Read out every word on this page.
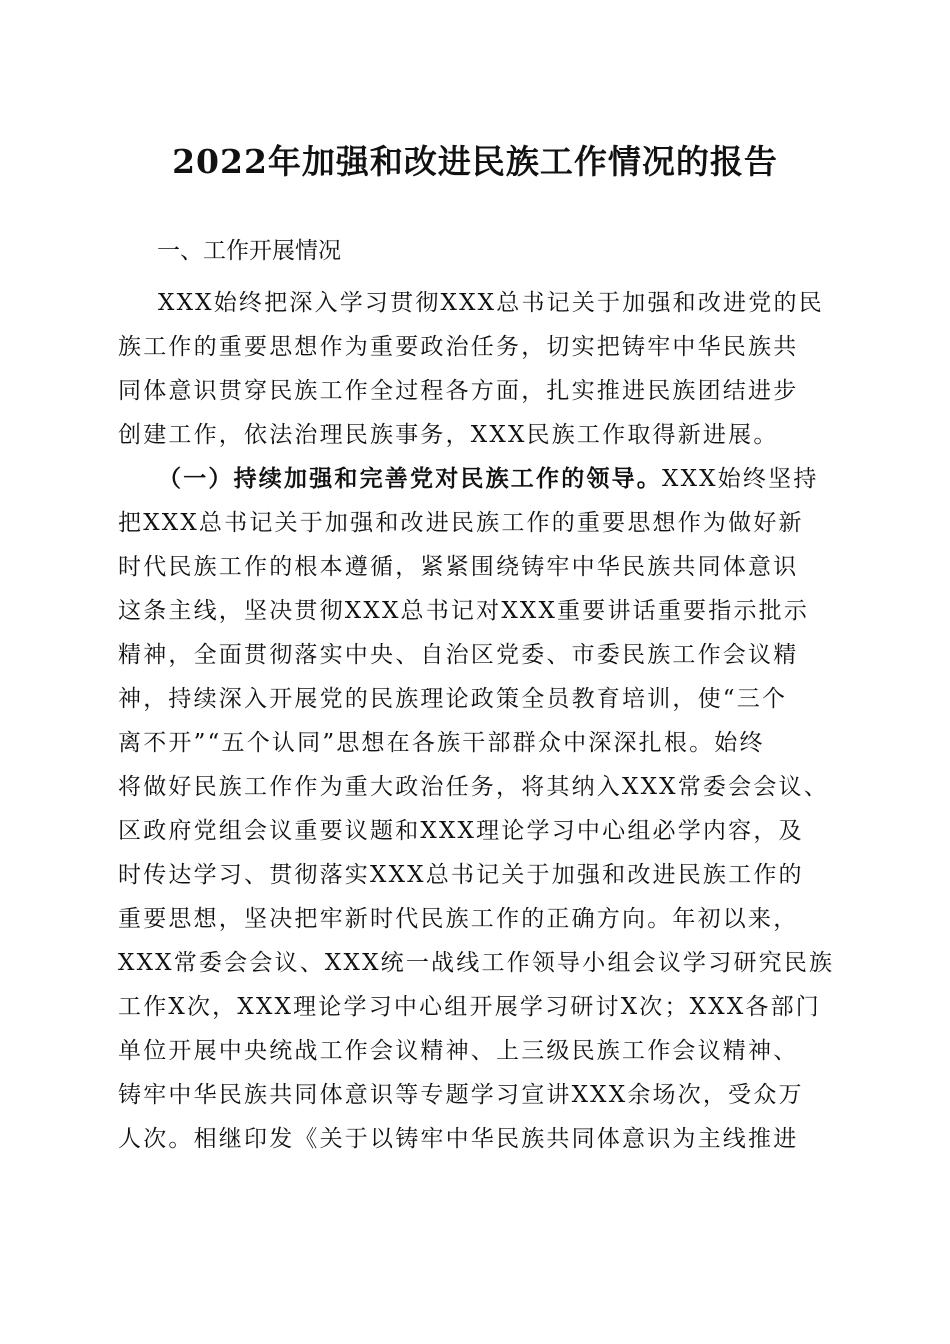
2022年加强和改进民族工作情况的报告
一、工作开展情况
XXX始终把深入学习贯彻XXX总书记关于加强和改进党的民
族工作的重要思想作为重要政治任务，切实把铸牢中华民族共
同体意识贯穿民族工作全过程各方面，扎实推进民族团结进步
创建工作，依法治理民族事务，XXX民族工作取得新进展。
（一）持续加强和完善党对民族工作的领导。XXX始终坚持
把XXX总书记关于加强和改进民族工作的重要思想作为做好新
时代民族工作的根本遵循，紧紧围绕铸牢中华民族共同体意识
这条主线，坚决贯彻XXX总书记对XXX重要讲话重要指示批示
精神，全面贯彻落实中央、自治区党委、市委民族工作会议精
神，持续深入开展党的民族理论政策全员教育培训，使“三个
离不开”“五个认同”思想在各族干部群众中深深扎根。始终
将做好民族工作作为重大政治任务，将其纳入XXX常委会会议、
区政府党组会议重要议题和XXX理论学习中心组必学内容，及
时传达学习、贯彻落实XXX总书记关于加强和改进民族工作的
重要思想，坚决把牢新时代民族工作的正确方向。年初以来，
XXX常委会会议、XXX统一战线工作领导小组会议学习研究民族
工作X次，XXX理论学习中心组开展学习研讨X次；XXX各部门
单位开展中央统战工作会议精神、上三级民族工作会议精神、
铸牢中华民族共同体意识等专题学习宣讲XXX余场次，受众万
人次。相继印发《关于以铸牢中华民族共同体意识为主线推进
